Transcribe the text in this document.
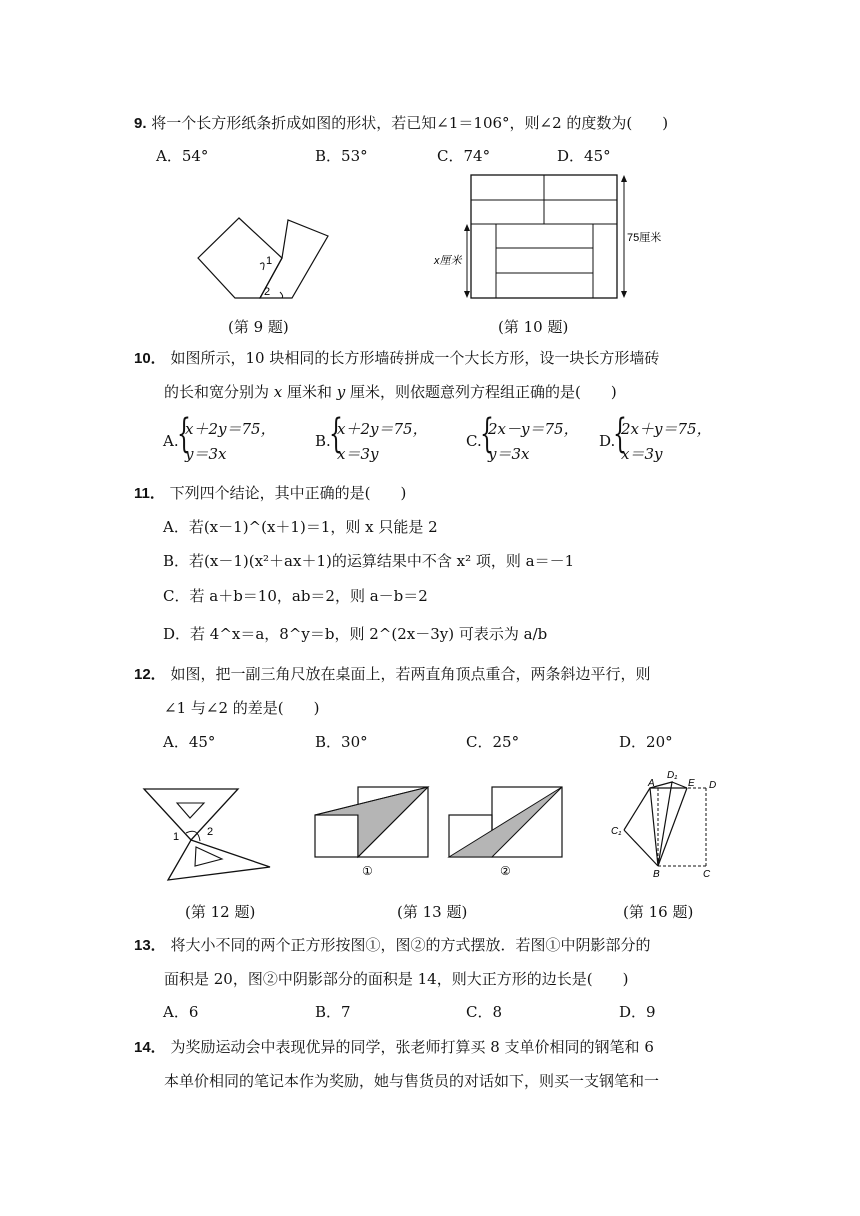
9. 将一个长方形纸条折成如图的形状，若已知∠1＝106°，则∠2 的度数为(　　)
A．54°	B．53°	C．74°	D．45°
1
2
(第 9 题)
75厘米
x厘米
(第 10 题)
10． 如图所示，10 块相同的长方形墙砖拼成一个大长方形，设一块长方形墙砖
的长和宽分别为 x 厘米和 y 厘米，则依题意列方程组正确的是(　　)
A.
{
x＋2y＝75，
y＝3x
B.
{
x＋2y＝75，
x＝3y
C.
{
2x－y＝75，
y＝3x
D.
{
2x＋y＝75，
x＝3y
11． 下列四个结论，其中正确的是(　　)
A．若(x－1)^(x＋1)＝1，则 x 只能是 2
B．若(x－1)(x²＋ax＋1)的运算结果中不含 x² 项，则 a＝－1
C．若 a＋b＝10，ab＝2，则 a－b＝2
D．若 4^x＝a，8^y＝b，则 2^(2x－3y) 可表示为 a/b
12． 如图，把一副三角尺放在桌面上，若两直角顶点重合，两条斜边平行，则
∠1 与∠2 的差是(　　)
A．45°	B．30°	C．25°	D．20°
1	2
(第 12 题)
①	②
(第 13 题)
A
D₁
E D
C₁
B	C
(第 16 题)
13． 将大小不同的两个正方形按图①，图②的方式摆放．若图①中阴影部分的
面积是 20，图②中阴影部分的面积是 14，则大正方形的边长是(　　)
A．6	B．7	C．8	D．9
14． 为奖励运动会中表现优异的同学，张老师打算买 8 支单价相同的钢笔和 6
本单价相同的笔记本作为奖励，她与售货员的对话如下，则买一支钢笔和一
